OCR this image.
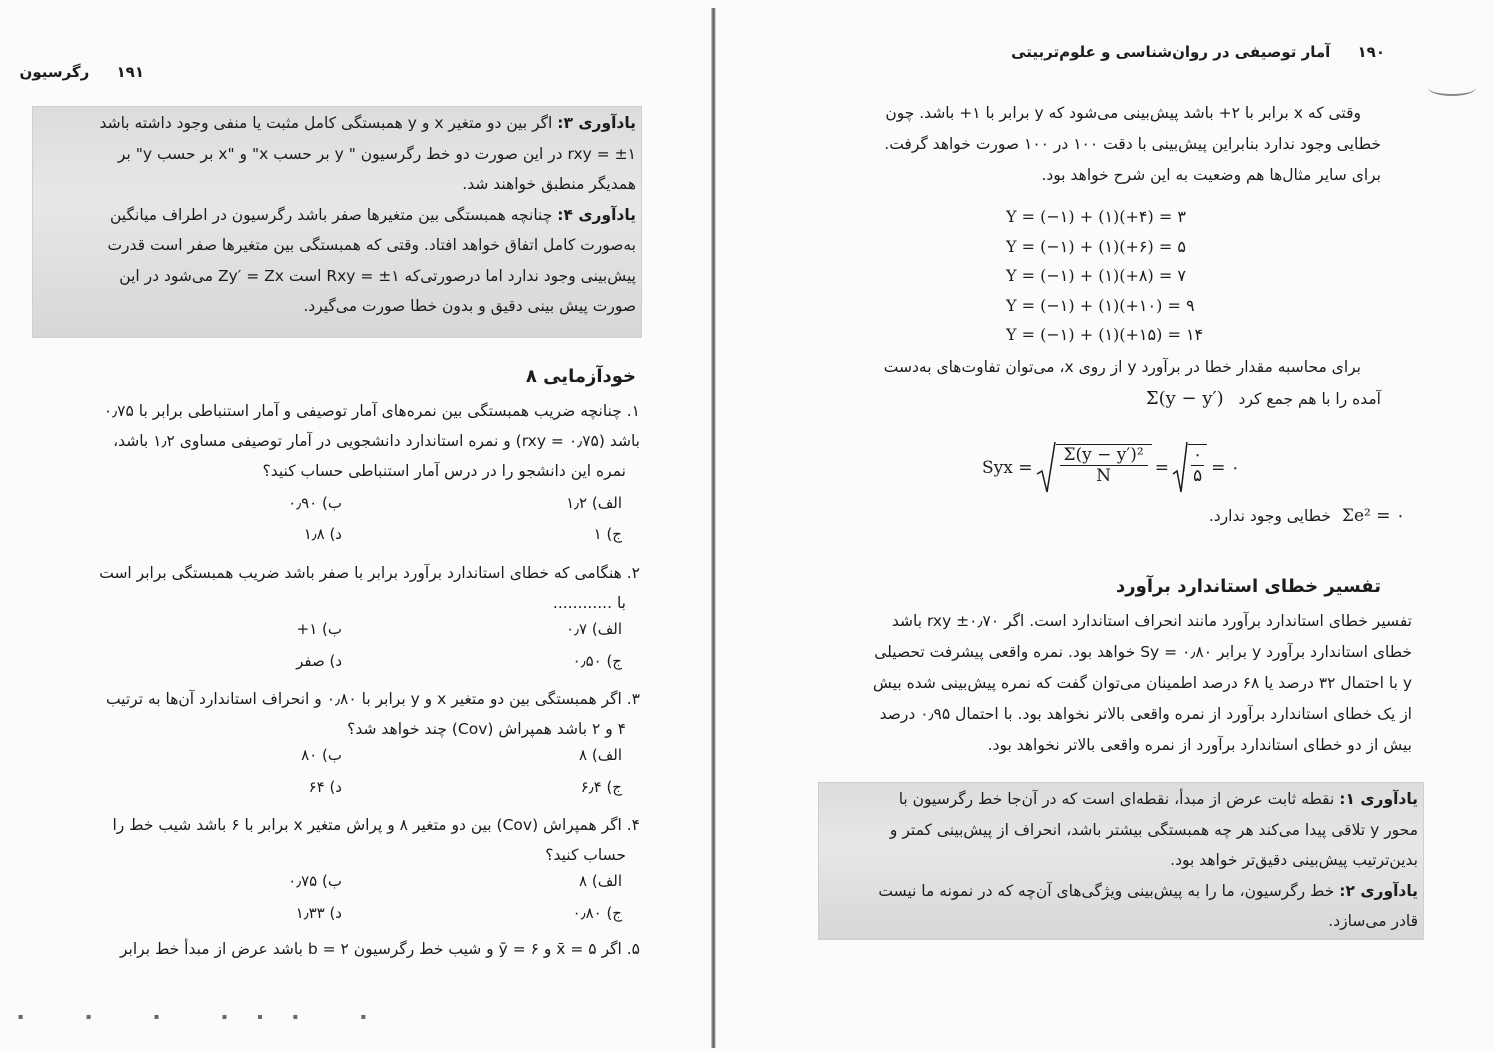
۱۹۱ رگرسیون

یادآوری ۳: اگر بین دو متغیر x و y همبستگی کامل مثبت یا منفی وجود داشته باشد

rxy = ±۱ در این صورت دو خط رگرسیون " y بر حسب x" و "x بر حسب y" بر

همدیگر منطبق خواهند شد.

یادآوری ۴: چنانچه همبستگی بین متغیرها صفر باشد رگرسیون در اطراف میانگین

به‌صورت کامل اتفاق خواهد افتاد. وقتی که همبستگی بین متغیرها صفر است قدرت

پیش‌بینی وجود ندارد اما درصورتی‌که Rxy = ±۱ است Zy′ = Zx می‌شود در این

صورت پیش بینی دقیق و بدون خطا صورت می‌گیرد.

خودآزمایی ۸

۱. چنانچه ضریب همبستگی بین نمره‌های آمار توصیفی و آمار استنباطی برابر با ۰٫۷۵

باشد (rxy = ۰٫۷۵) و نمره استاندارد دانشجویی در آمار توصیفی مساوی ۱٫۲ باشد،

نمره این دانشجو را در درس آمار استنباطی حساب کنید؟

الف) ۱٫۲
ب) ۰٫۹۰
ج) ۱
د) ۱٫۸

۲. هنگامی که خطای استاندارد برآورد برابر با صفر باشد ضریب همبستگی برابر است

با ............

الف) ۰٫۷
ب) ۱+
ج) ۰٫۵۰
د) صفر

۳. اگر همبستگی بین دو متغیر x و y برابر با ۰٫۸۰ و انحراف استاندارد آن‌ها به ترتیب

۴ و ۲ باشد همپراش (Cov) چند خواهد شد؟

الف) ۸
ب) ۸۰
ج) ۶٫۴
د) ۶۴

۴. اگر همپراش (Cov) بین دو متغیر ۸ و پراش متغیر x برابر با ۶ باشد شیب خط را

حساب کنید؟

الف) ۸
ب) ۰٫۷۵
ج) ۰٫۸۰
د) ۱٫۳۳

۵. اگر x̄ = ۵ و ȳ = ۶ و شیب خط رگرسیون b = ۲ باشد عرض از مبدأ خط برابر

▪ ▪ ▪ ▪▪▪ ▪
۱۹۰ آمار توصیفی در روان‌شناسی و علوم‌تربیتی

وقتی که x برابر با ۲+ باشد پیش‌بینی می‌شود که y برابر با ۱+ باشد. چون

خطایی وجود ندارد بنابراین پیش‌بینی با دقت ۱۰۰ در ۱۰۰ صورت خواهد گرفت.

برای سایر مثال‌ها هم وضعیت به این شرح خواهد بود.

Y = (−۱) + (۱)(+۴) = ۳
Y = (−۱) + (۱)(+۶) = ۵
Y = (−۱) + (۱)(+۸) = ۷
Y = (−۱) + (۱)(+۱۰) = ۹
Y = (−۱) + (۱)(+۱۵) = ۱۴

برای محاسبه مقدار خطا در برآورد y از روی x، می‌توان تفاوت‌های به‌دست

آمده را با هم جمع کرد Σ(y − y′)

Syx = $\frac{\text{Σ(y − y′)²}}{N}$ =
۰
۵ = ۰
Σe² = ۰ خطایی وجود ندارد.
تفسیر خطای استاندارد برآورد

تفسیر خطای استاندارد برآورد مانند انحراف استاندارد است. اگر rxy ±۰٫۷۰ باشد

خطای استاندارد برآورد y برابر Sy = ۰٫۸۰ خواهد بود. نمره واقعی پیشرفت تحصیلی

y با احتمال ۳۲ درصد یا ۶۸ درصد اطمینان می‌توان گفت که نمره پیش‌بینی شده بیش

از یک خطای استاندارد برآورد از نمره واقعی بالاتر نخواهد بود. با احتمال ۰٫۹۵ درصد

بیش از دو خطای استاندارد برآورد از نمره واقعی بالاتر نخواهد بود.

یادآوری ۱: نقطه ثابت عرض از مبدأ، نقطه‌ای است که در آن‌جا خط رگرسیون با

محور y تلاقی پیدا می‌کند هر چه همبستگی بیشتر باشد، انحراف از پیش‌بینی کمتر و

بدین‌ترتیب پیش‌بینی دقیق‌تر خواهد بود.

یادآوری ۲: خط رگرسیون، ما را به پیش‌بینی ویژگی‌های آن‌چه که در نمونه ما نیست

قادر می‌سازد.
